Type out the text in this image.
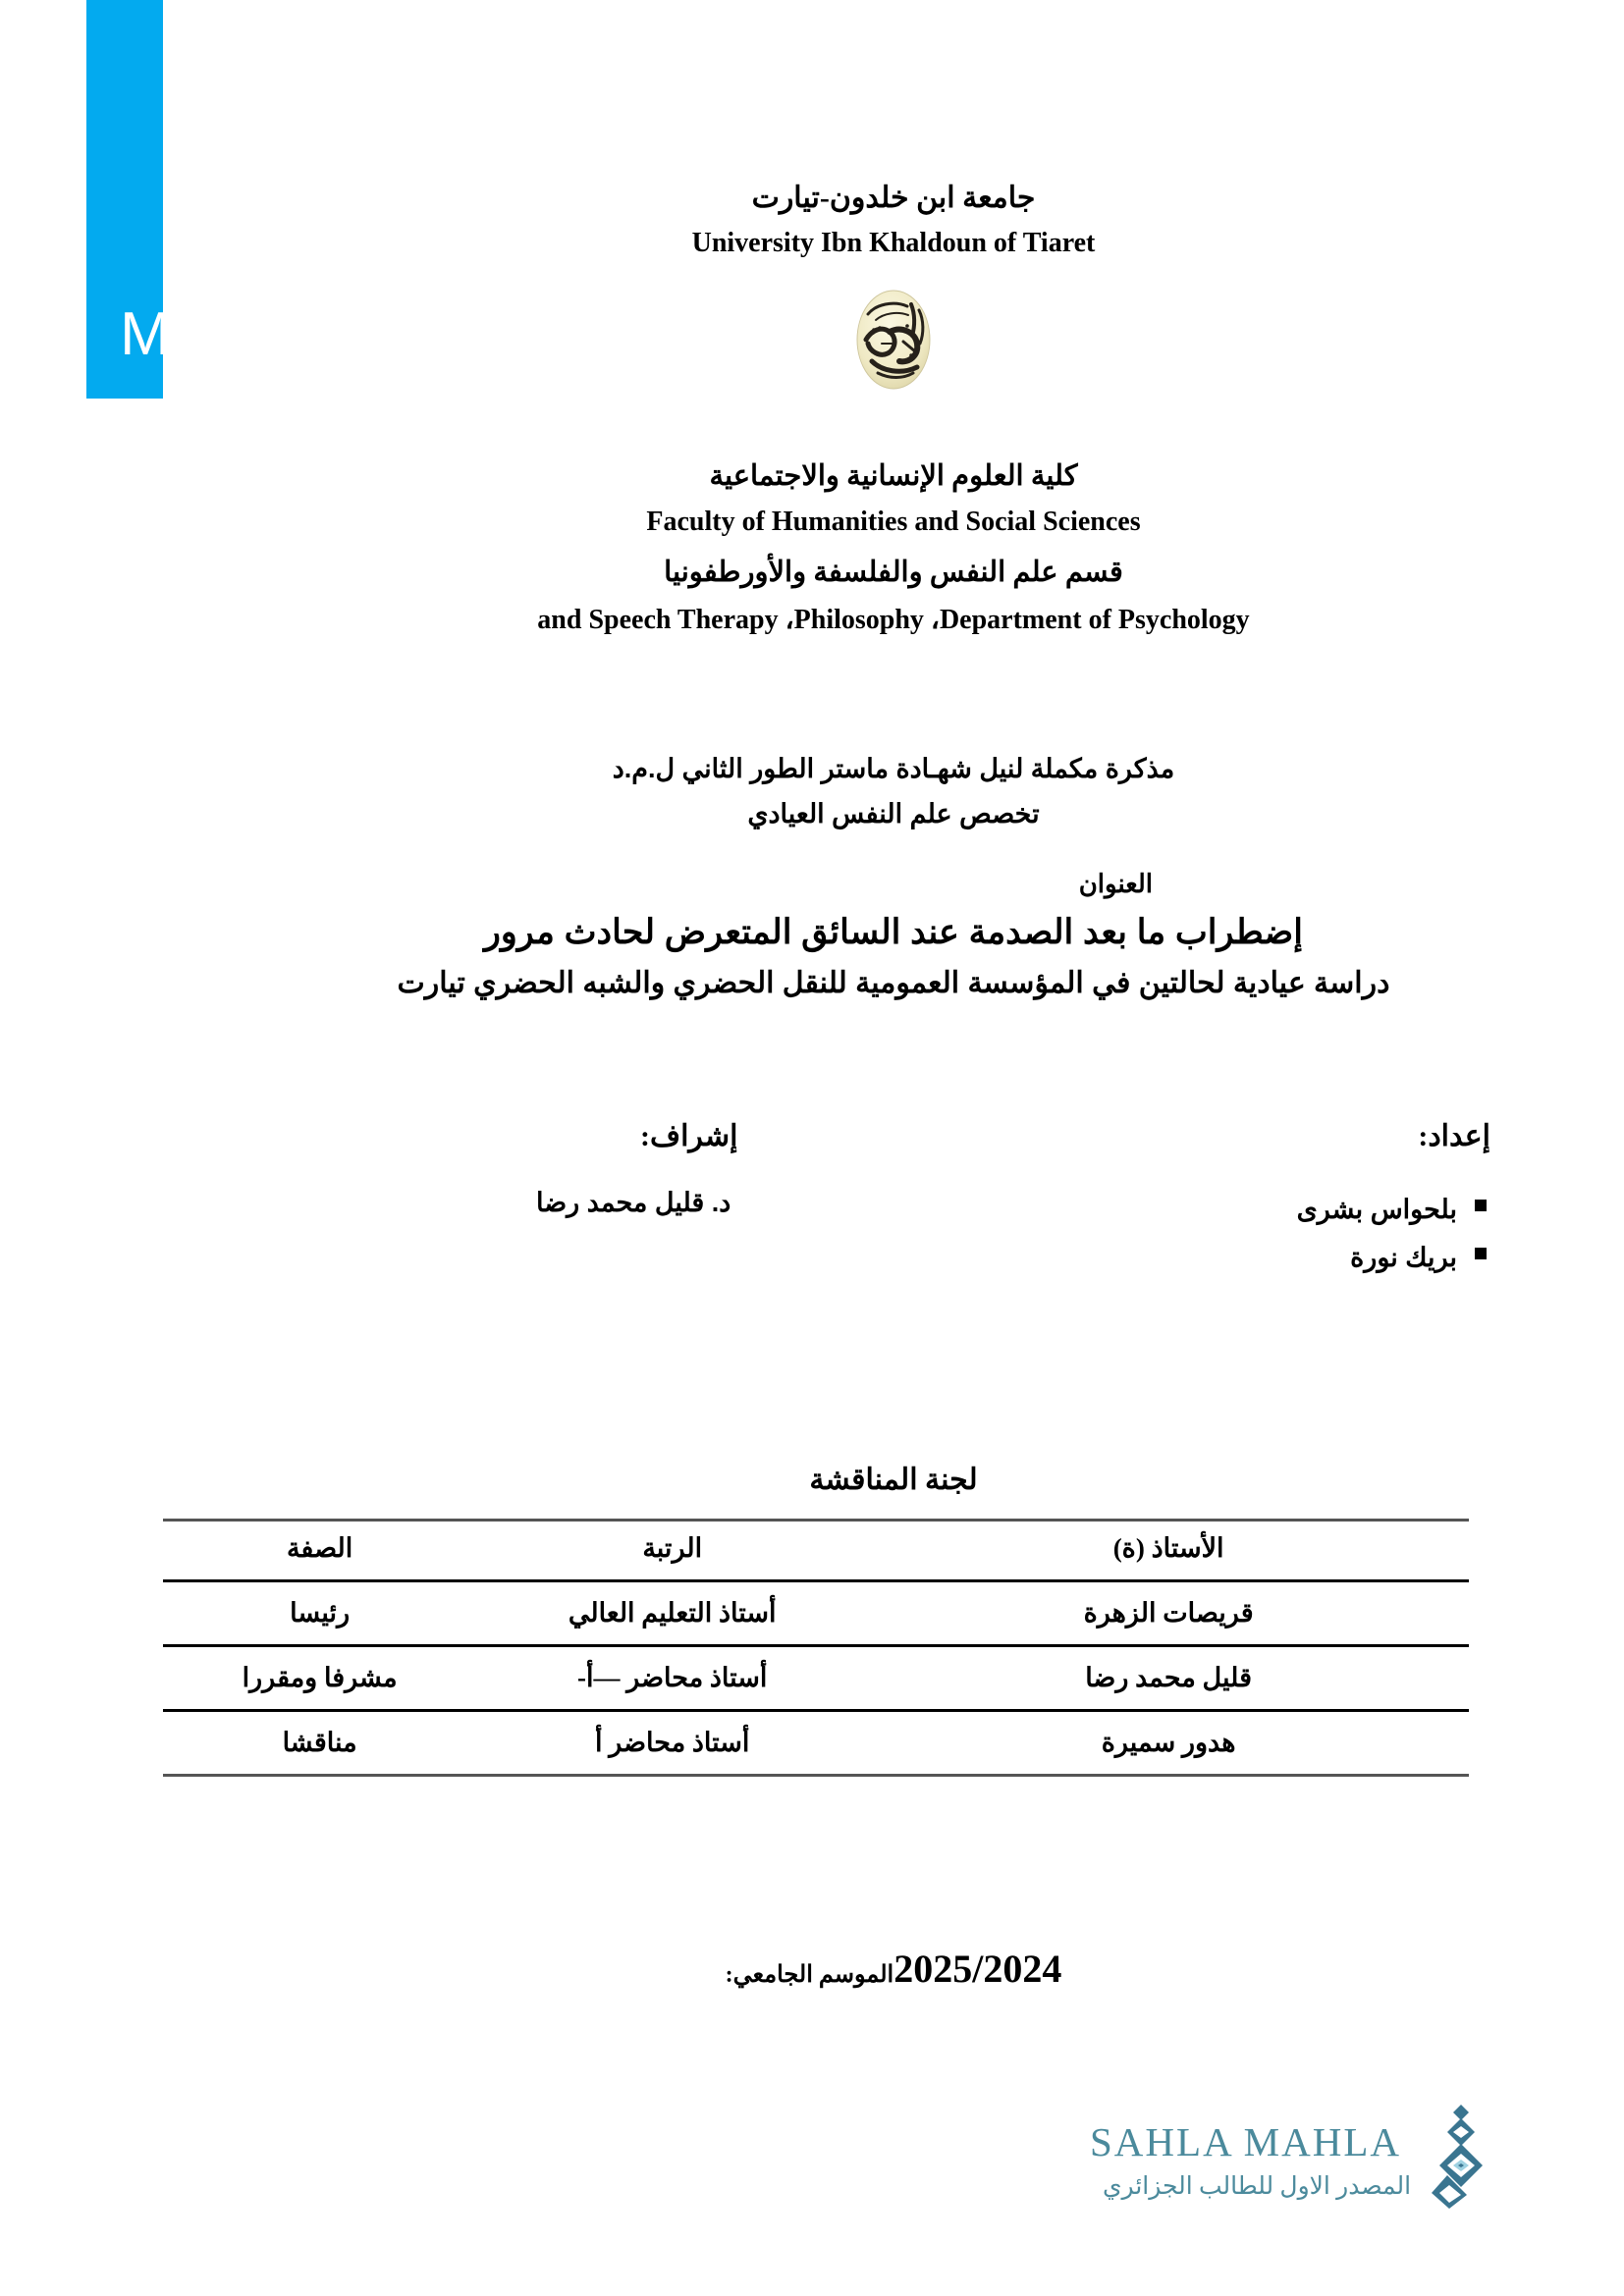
M
جامعة ابن خلدون-تيارت
University Ibn Khaldoun of Tiaret
كلية العلوم الإنسانية والاجتماعية
Faculty of Humanities and Social Sciences
قسم علم النفس والفلسفة والأورطفونيا
and Speech Therapy ،Philosophy ،Department of Psychology
مذكرة مكملة لنيل شهـادة ماستر الطور الثاني ل.م.د
تخصص علم النفس العيادي
العنوان
إضطراب ما بعد الصدمة عند السائق المتعرض لحادث مرور
دراسة عيادية لحالتين في المؤسسة العمومية للنقل الحضري والشبه الحضري تيارت
إشراف:
د. قليل محمد رضا
إعداد:
بلحواس بشرى
بريك نورة
لجنة المناقشة
الأستاذ (ة)	الرتبة	الصفة
قريصات الزهرة	أستاذ التعليم العالي	رئيسا
قليل محمد رضا	أستاذ محاضر —أ-	مشرفا ومقررا
هدور سميرة	أستاذ محاضر أ	مناقشا
2025/2024الموسم الجامعي:
SAHLA MAHLA
المصدر الاول للطالب الجزائري
